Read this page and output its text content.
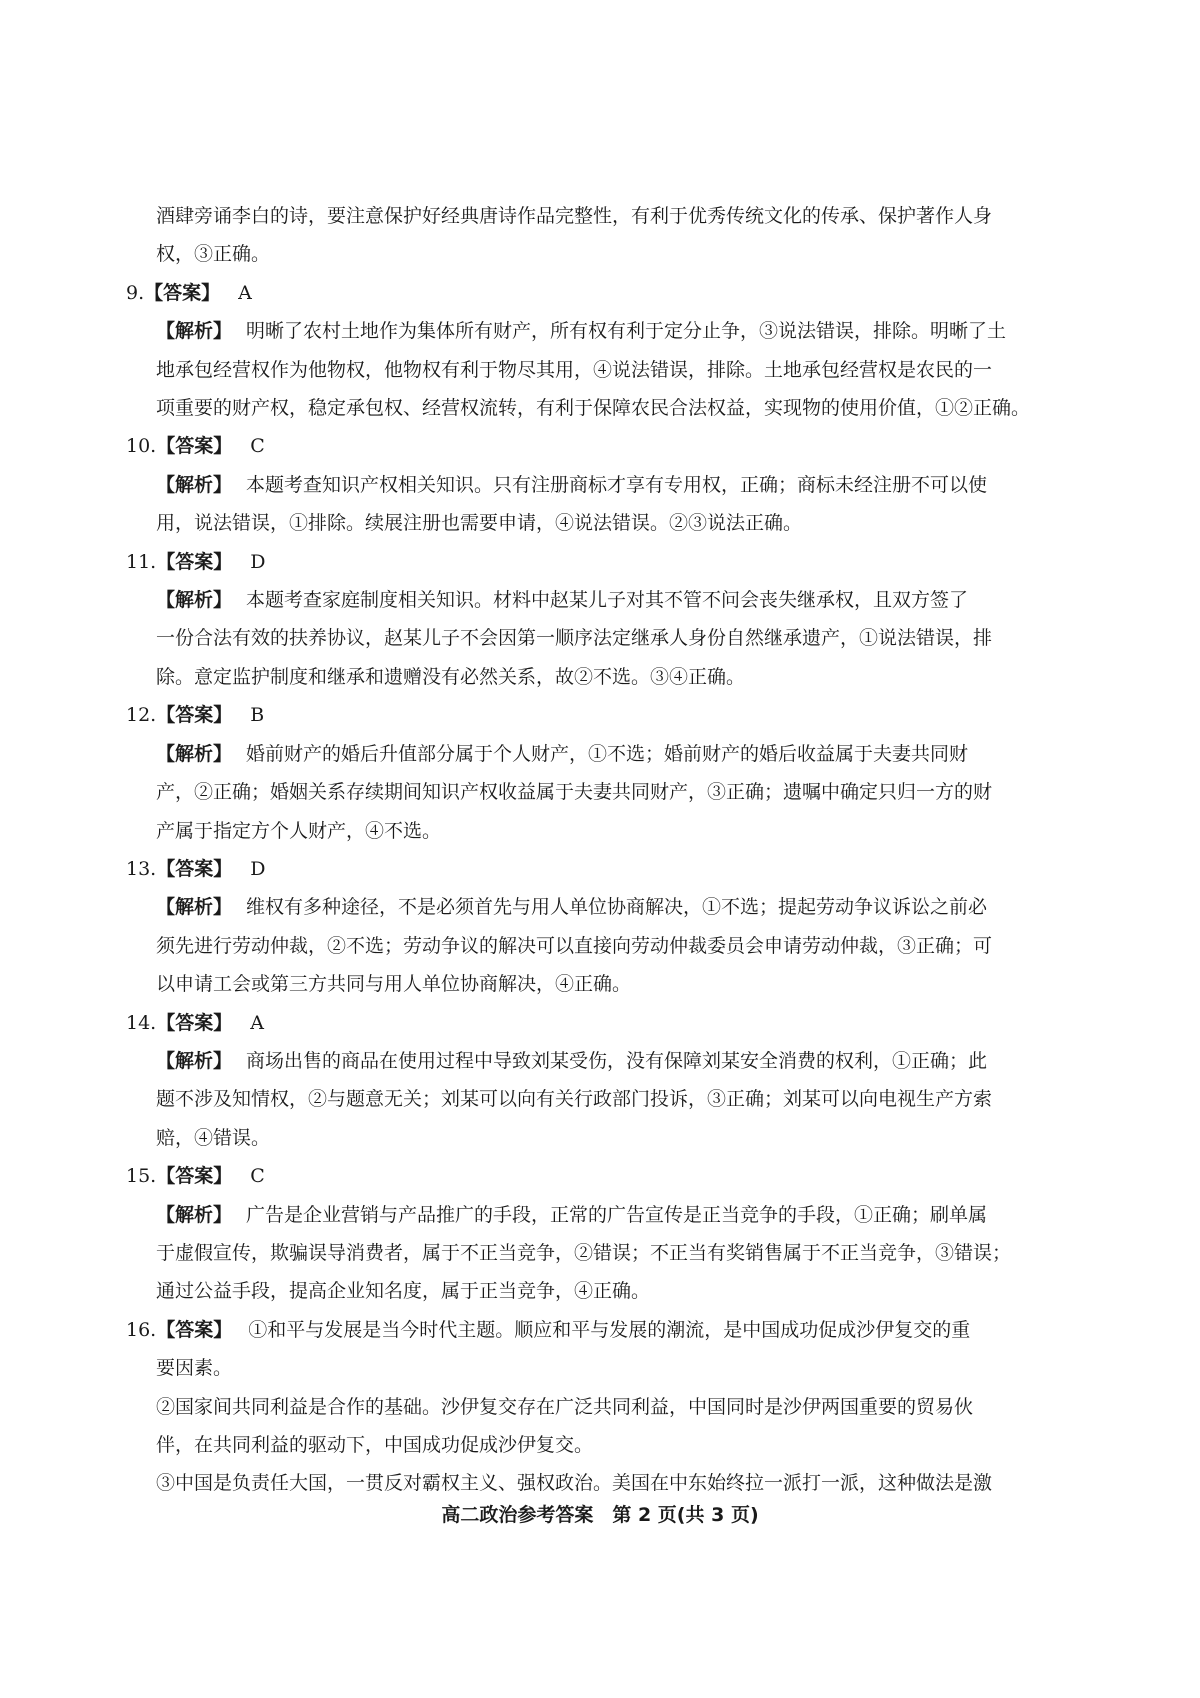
酒肆旁诵李白的诗，要注意保护好经典唐诗作品完整性，有利于优秀传统文化的传承、保护著作人身
权，③正确。
9.【答案】 A
【解析】 明晰了农村土地作为集体所有财产，所有权有利于定分止争，③说法错误，排除。明晰了土
地承包经营权作为他物权，他物权有利于物尽其用，④说法错误，排除。土地承包经营权是农民的一
项重要的财产权，稳定承包权、经营权流转，有利于保障农民合法权益，实现物的使用价值，①②正确。
10.【答案】 C
【解析】 本题考查知识产权相关知识。只有注册商标才享有专用权，正确；商标未经注册不可以使
用，说法错误，①排除。续展注册也需要申请，④说法错误。②③说法正确。
11.【答案】 D
【解析】 本题考查家庭制度相关知识。材料中赵某儿子对其不管不问会丧失继承权，且双方签了
一份合法有效的扶养协议，赵某儿子不会因第一顺序法定继承人身份自然继承遗产，①说法错误，排
除。意定监护制度和继承和遗赠没有必然关系，故②不选。③④正确。
12.【答案】 B
【解析】 婚前财产的婚后升值部分属于个人财产，①不选；婚前财产的婚后收益属于夫妻共同财
产，②正确；婚姻关系存续期间知识产权收益属于夫妻共同财产，③正确；遗嘱中确定只归一方的财
产属于指定方个人财产，④不选。
13.【答案】 D
【解析】 维权有多种途径，不是必须首先与用人单位协商解决，①不选；提起劳动争议诉讼之前必
须先进行劳动仲裁，②不选；劳动争议的解决可以直接向劳动仲裁委员会申请劳动仲裁，③正确；可
以申请工会或第三方共同与用人单位协商解决，④正确。
14.【答案】 A
【解析】 商场出售的商品在使用过程中导致刘某受伤，没有保障刘某安全消费的权利，①正确；此
题不涉及知情权，②与题意无关；刘某可以向有关行政部门投诉，③正确；刘某可以向电视生产方索
赔，④错误。
15.【答案】 C
【解析】 广告是企业营销与产品推广的手段，正常的广告宣传是正当竞争的手段，①正确；刷单属
于虚假宣传，欺骗误导消费者，属于不正当竞争，②错误；不正当有奖销售属于不正当竞争，③错误；
通过公益手段，提高企业知名度，属于正当竞争，④正确。
16.【答案】 ①和平与发展是当今时代主题。顺应和平与发展的潮流，是中国成功促成沙伊复交的重
要因素。
②国家间共同利益是合作的基础。沙伊复交存在广泛共同利益，中国同时是沙伊两国重要的贸易伙
伴，在共同利益的驱动下，中国成功促成沙伊复交。
③中国是负责任大国，一贯反对霸权主义、强权政治。美国在中东始终拉一派打一派，这种做法是激
高二政治参考答案　第 2 页(共 3 页)
